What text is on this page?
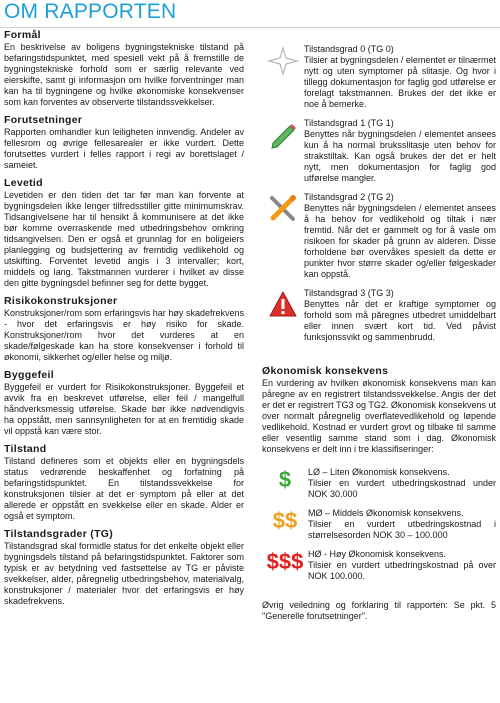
OM RAPPORTEN
Formål

En beskrivelse av boligens bygningstekniske tilstand på befaringstidspunktet, med spesiell vekt på å fremstille de bygningstekniske forhold som er særlig relevante ved eierskifte, samt gi informasjon om hvilke forventninger man kan ha til bygningene og hvilke økonomiske konsekvenser som kan forventes av observerte tilstandssvekkelser.

Forutsetninger

Rapporten omhandler kun leiligheten innvendig. Andeler av fellesrom og øvrige fellesarealer er ikke vurdert. Dette forutsettes vurdert i felles rapport i regi av borettslaget / sameiet.

Levetid

Levetiden er den tiden det tar før man kan forvente at bygningsdelen ikke lenger tilfredsstiller gitte minimumskrav. Tidsangivelsene har til hensikt å kommunisere at det ikke bør komme overraskende med utbedringsbehov omkring tidsangivelsen. Den er også et grunnlag for en boligeiers planlegging og budsjettering av fremtidig vedlikehold og utskifting. Forventet levetid angis i 3 intervaller; kort, middels og lang. Takstmannen vurderer i hvilket av disse den gitte bygningsdel befinner seg for dette bygget.

Risikokonstruksjoner

Konstruksjoner/rom som erfaringsvis har høy skadefrekvens - hvor det erfaringsvis er høy risiko for skade. Konstruksjoner/rom hvor det vurderes at en skade/følgeskade kan ha store konsekvenser i forhold til økonomi, sikkerhet og/eller helse og miljø.

Byggefeil

Byggefeil er vurdert for Risikokonstruksjoner. Byggefeil et avvik fra en beskrevet utførelse, eller feil / mangelfull håndverksmessig utførelse. Skade bør ikke nødvendigvis ha oppstått, men sannsynligheten for at en fremtidig skade vil oppstå kan være stor.

Tilstand

Tilstand defineres som et objekts eller en bygningsdels status vedrørende beskaffenhet og forfatning på befaringstidspunktet. En tilstandssvekkelse for konstruksjonen tilsier at det er symptom på eller at det allerede er oppstått en svekkelse eller en skade. Alder er også et symptom.

Tilstandsgrader (TG)

Tilstandsgrad skal formidle status for det enkelte objekt eller bygningsdels tilstand på befaringstidspunktet. Faktorer som typisk er av betydning ved fastsettelse av TG er påviste svekkelser, alder, påregnelig utbedringsbehov, materialvalg, konstruksjoner / materialer hvor det erfaringsvis er høy skadefrekvens.

Tilstandsgrad 0 (TG 0)

Tilsier at bygningsdelen / elementet er tilnærmet nytt og uten symptomer på slitasje. Og hvor i tillegg dokumentasjon for faglig god utførelse er forelagt takstmannen. Brukes der det ikke er noe å bemerke.

Tilstandsgrad 1 (TG 1)

Benyttes når bygningsdelen / elementet ansees kun å ha normal bruksslitasje uten behov for strakstiltak. Kan også brukes der det er helt nytt, men dokumentasjon for faglig god utførelse mangler.

Tilstandsgrad 2 (TG 2)

Benyttes når bygningsdelen / elementet ansees å ha behov for vedlikehold og tiltak i nær fremtid. Når det er gammelt og for å vasle om risikoen for skader på grunn av alderen. Disse forholdene bør overvåkes spesielt da dette er punkter hvor større skader og/eller følgeskader kan oppstå.

Tilstandsgrad 3 (TG 3)

Benyttes når det er kraftige symptomer og forhold som må păregnes utbedret umiddelbart eller innen svært kort tid. Ved påvist funksjonssvikt og sammenbrudd.

Økonomisk konsekvens

En vurdering av hvilken økonomisk konsekvens man kan påregne av en registrert tilstandssvekkelse. Angis der det er det er registrert TG3 og TG2. Økonomisk konsekvens ut over normalt påregnelig overflatevedlikehold og løpende vedlikehold. Kostnad er vurdert grovt og tilbake til samme eller vesentlig samme stand som i dag. Økonomisk konsekvens er delt inn i tre klassifiseringer:

$	LØ – Liten Økonomisk konsekvens.

Tilsier en vurdert utbedringskostnad under NOK 30.000

$$	MØ – Middels Økonomisk konsekvens.

Tilsier en vurdert utbedringskostnad i størrelsesorden NOK 30 – 100.000

$$$ HØ - Høy Økonomisk konsekvens.

Tilsier en vurdert utbedringskostnad på over NOK 100.000.

Øvrig veiledning og forklaring til rapporten: Se pkt. 5 "Generelle forutsetninger".
